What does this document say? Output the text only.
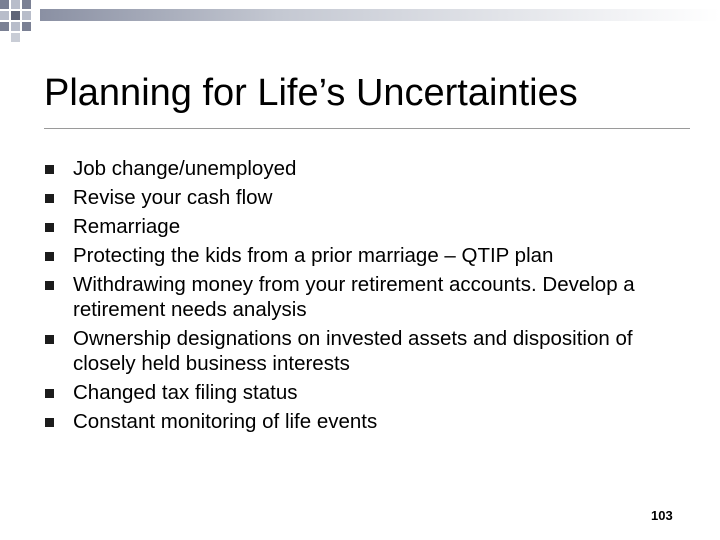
Planning for Life’s Uncertainties
Job change/unemployed
Revise your cash flow
Remarriage
Protecting the kids from a prior marriage – QTIP plan
Withdrawing money from your retirement accounts. Develop a retirement needs analysis
Ownership designations on invested assets and disposition of closely held business interests
Changed tax filing status
Constant monitoring of life events
103
